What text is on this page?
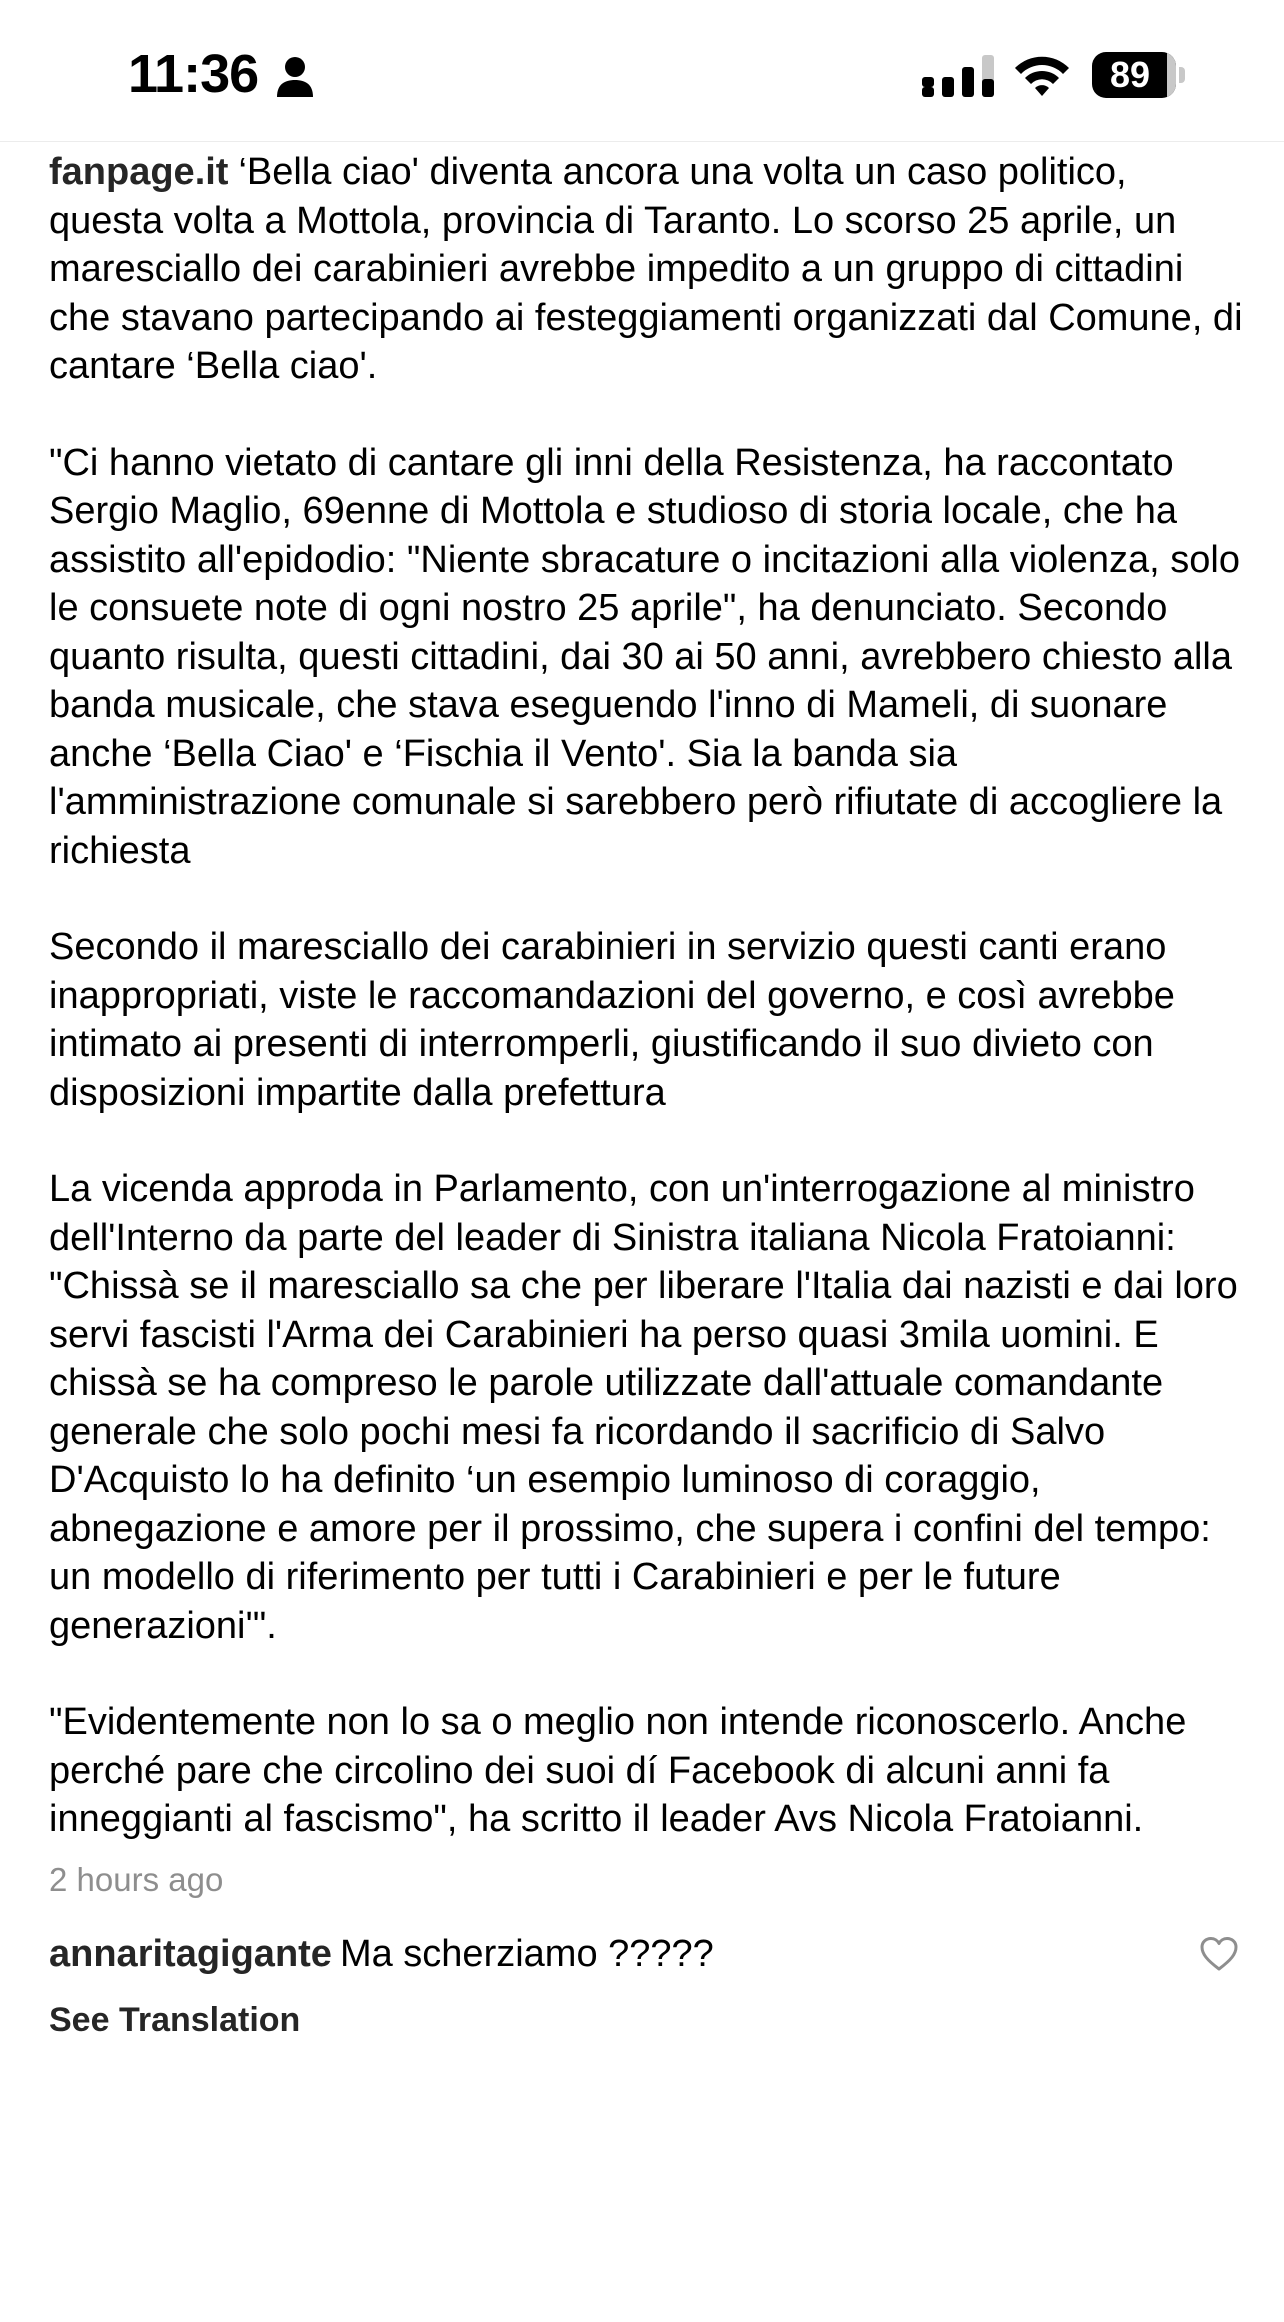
11:36	89

fanpage.it ‘Bella ciao' diventa ancora una volta un caso politico, questa volta a Mottola, provincia di Taranto. Lo scorso 25 aprile, un maresciallo dei carabinieri avrebbe impedito a un gruppo di cittadini che stavano partecipando ai festeggiamenti organizzati dal Comune, di cantare ‘Bella ciao'.

"Ci hanno vietato di cantare gli inni della Resistenza, ha raccontato Sergio Maglio, 69enne di Mottola e studioso di storia locale, che ha assistito all'epidodio: "Niente sbracature o incitazioni alla violenza, solo le consuete note di ogni nostro 25 aprile", ha denunciato. Secondo quanto risulta, questi cittadini, dai 30 ai 50 anni, avrebbero chiesto alla banda musicale, che stava eseguendo l'inno di Mameli, di suonare anche ‘Bella Ciao' e ‘Fischia il Vento'. Sia la banda sia l'amministrazione comunale si sarebbero però rifiutate di accogliere la richiesta

Secondo il maresciallo dei carabinieri in servizio questi canti erano inappropriati, viste le raccomandazioni del governo, e così avrebbe intimato ai presenti di interromperli, giustificando il suo divieto con disposizioni impartite dalla prefettura

La vicenda approda in Parlamento, con un'interrogazione al ministro dell'Interno da parte del leader di Sinistra italiana Nicola Fratoianni: "Chissà se il maresciallo sa che per liberare l'Italia dai nazisti e dai loro servi fascisti l'Arma dei Carabinieri ha perso quasi 3mila uomini. E chissà se ha compreso le parole utilizzate dall'attuale comandante generale che solo pochi mesi fa ricordando il sacrificio di Salvo D'Acquisto lo ha definito ‘un esempio luminoso di coraggio, abnegazione e amore per il prossimo, che supera i confini del tempo: un modello di riferimento per tutti i Carabinieri e per le future generazioni'".

"Evidentemente non lo sa o meglio non intende riconoscerlo. Anche perché pare che circolino dei suoi dí Facebook di alcuni anni fa inneggianti al fascismo", ha scritto il leader Avs Nicola Fratoianni.

2 hours ago
annaritagigante Ma scherziamo ?????
See Translation
